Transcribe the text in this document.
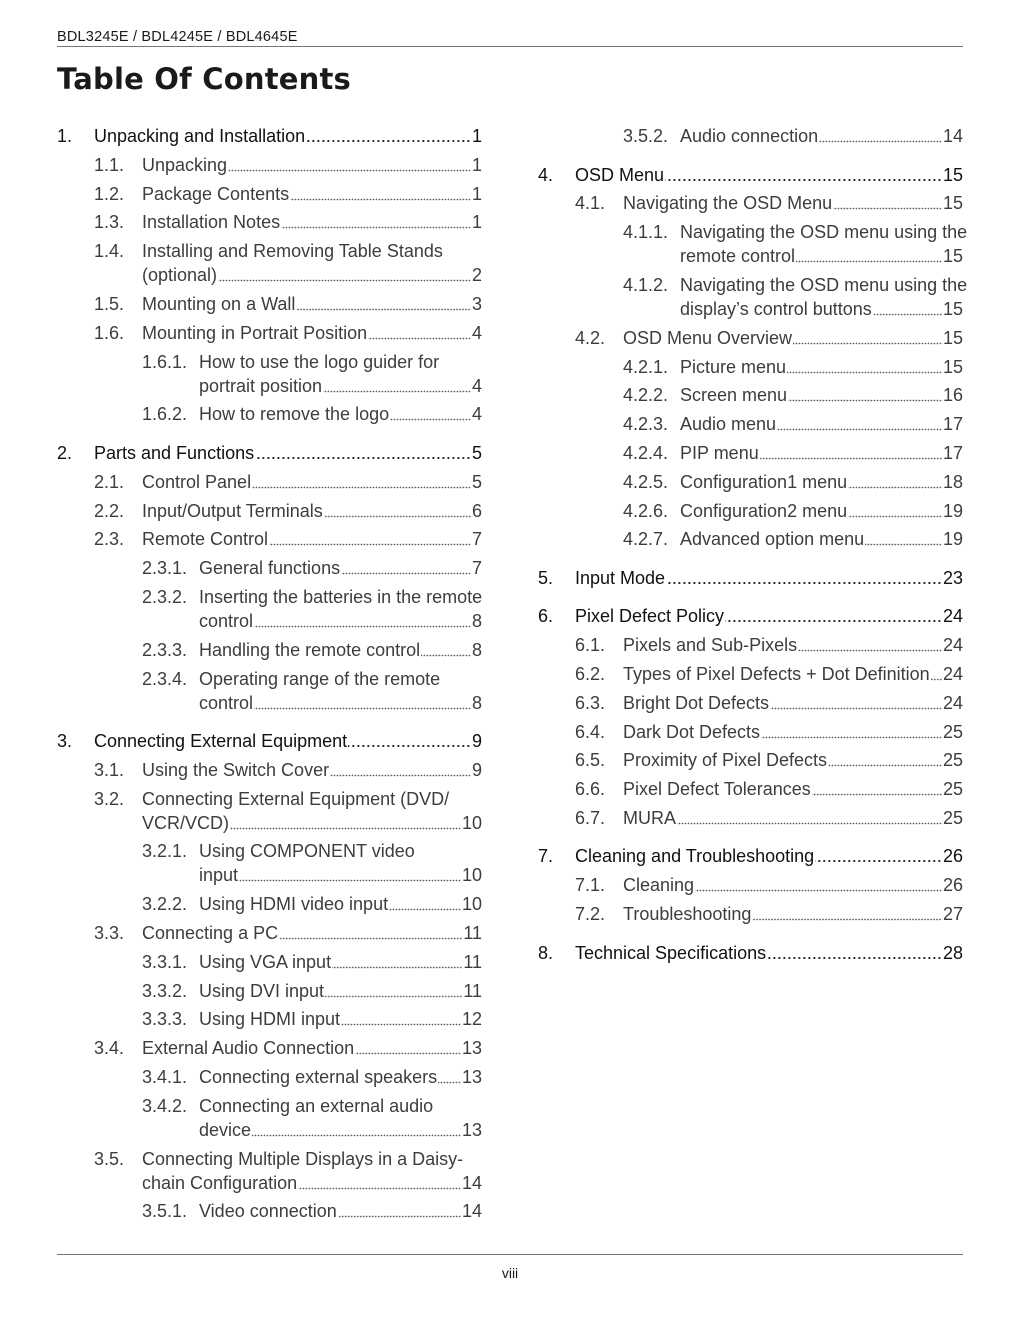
BDL3245E / BDL4245E / BDL4645E
Table Of Contents
1. Unpacking and Installation	1
1.1. Unpacking	1
1.2. Package Contents	1
1.3. Installation Notes	1
1.4. Installing and Removing Table Stands
(optional)	2
1.5. Mounting on a Wall	3
1.6. Mounting in Portrait Position	4
1.6.1. How to use the logo guider for
portrait position	4
1.6.2. How to remove the logo	4
2. Parts and Functions	5
2.1. Control Panel	5
2.2. Input/Output Terminals	6
2.3. Remote Control	7
2.3.1. General functions	7
2.3.2. Inserting the batteries in the remote
control	8
2.3.3. Handling the remote control	8
2.3.4. Operating range of the remote
control	8
3. Connecting External Equipment	9
3.1. Using the Switch Cover	9
3.2. Connecting External Equipment (DVD/
VCR/VCD)	10
3.2.1. Using COMPONENT video
input	10
3.2.2. Using HDMI video input	10
3.3. Connecting a PC	11
3.3.1. Using VGA input	11
3.3.2. Using DVI input	11
3.3.3. Using HDMI input	12
3.4. External Audio Connection	13
3.4.1. Connecting external speakers 13
3.4.2. Connecting an external audio
device	13
3.5. Connecting Multiple Displays in a Daisy-
chain Configuration	14
3.5.1. Video connection	14
3.5.2. Audio connection	14
4. OSD Menu	15
4.1. Navigating the OSD Menu	15
4.1.1. Navigating the OSD menu using the
remote control	15
4.1.2. Navigating the OSD menu using the
display’s control buttons	15
4.2. OSD Menu Overview	15
4.2.1. Picture menu	15
4.2.2. Screen menu	16
4.2.3. Audio menu	17
4.2.4. PIP menu	17
4.2.5. Configuration1 menu	18
4.2.6. Configuration2 menu	19
4.2.7. Advanced option menu	19
5. Input Mode	23
6. Pixel Defect Policy	24
6.1. Pixels and Sub-Pixels	24
6.2. Types of Pixel Defects + Dot Definition 24
6.3. Bright Dot Defects	24
6.4. Dark Dot Defects	25
6.5. Proximity of Pixel Defects	25
6.6. Pixel Defect Tolerances	25
6.7. MURA	25
7. Cleaning and Troubleshooting	26
7.1. Cleaning	26
7.2. Troubleshooting	27
8. Technical Specifications	28
viii
